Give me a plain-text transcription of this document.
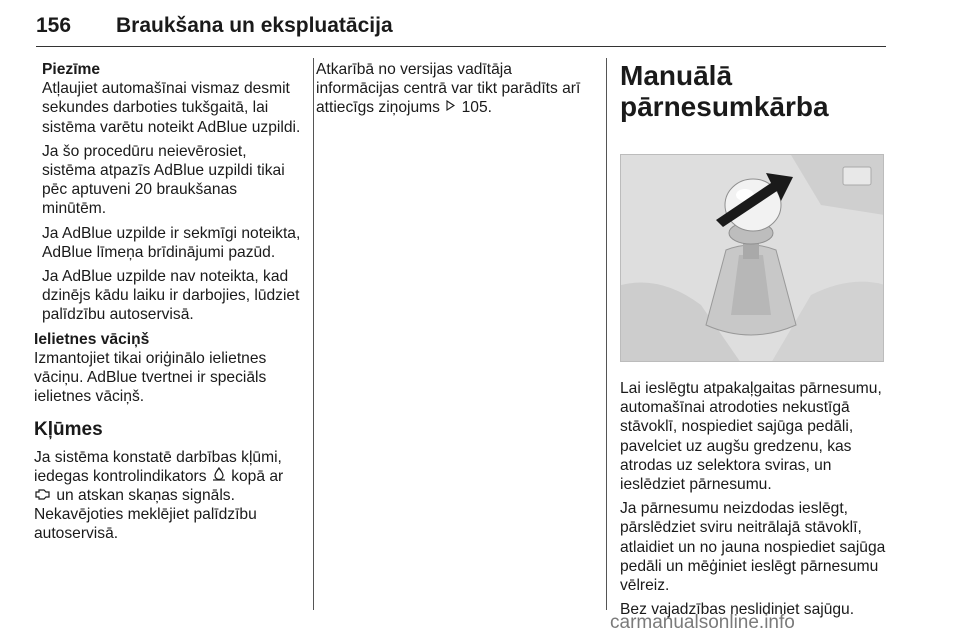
156 Braukšana un ekspluatācija
Piezīme
Atļaujiet automašīnai vismaz desmit sekundes darboties tukšgaitā, lai sistēma varētu noteikt AdBlue uzpildi.
Ja šo procedūru neievērosiet, sistēma atpazīs AdBlue uzpildi tikai pēc aptuveni 20 braukšanas minūtēm.
Ja AdBlue uzpilde ir sekmīgi noteikta, AdBlue līmeņa brīdinājumi pazūd.
Ja AdBlue uzpilde nav noteikta, kad dzinējs kādu laiku ir darbojies, lūdziet palīdzību autoservisā.
Ielietnes vāciņš
Izmantojiet tikai oriģinālo ielietnes vāciņu. AdBlue tvertnei ir speciāls ielietnes vāciņš.
Kļūmes
Ja sistēma konstatē darbības kļūmi, iedegas kontrolindikators kopā ar  un atskan skaņas signāls. Nekavējoties meklējiet palīdzību autoservisā.
Atkarībā no versijas vadītāja informācijas centrā var tikt parādīts arī attiecīgs ziņojums 105.
Manuālā pārnesumkārba
Lai ieslēgtu atpakaļgaitas pārnesumu, automašīnai atrodoties nekustīgā stāvoklī, nospiediet sajūga pedāli, pavelciet uz augšu gredzenu, kas atrodas uz selektora sviras, un ieslēdziet pārnesumu.
Ja pārnesumu neizdodas ieslēgt, pārslēdziet sviru neitrālajā stāvoklī, atlaidiet un no jauna nospiediet sajūga pedāli un mēģiniet ieslēgt pārnesumu vēlreiz.
Bez vajadzības neslidiniet sajūgu.
carmanualsonline.info
